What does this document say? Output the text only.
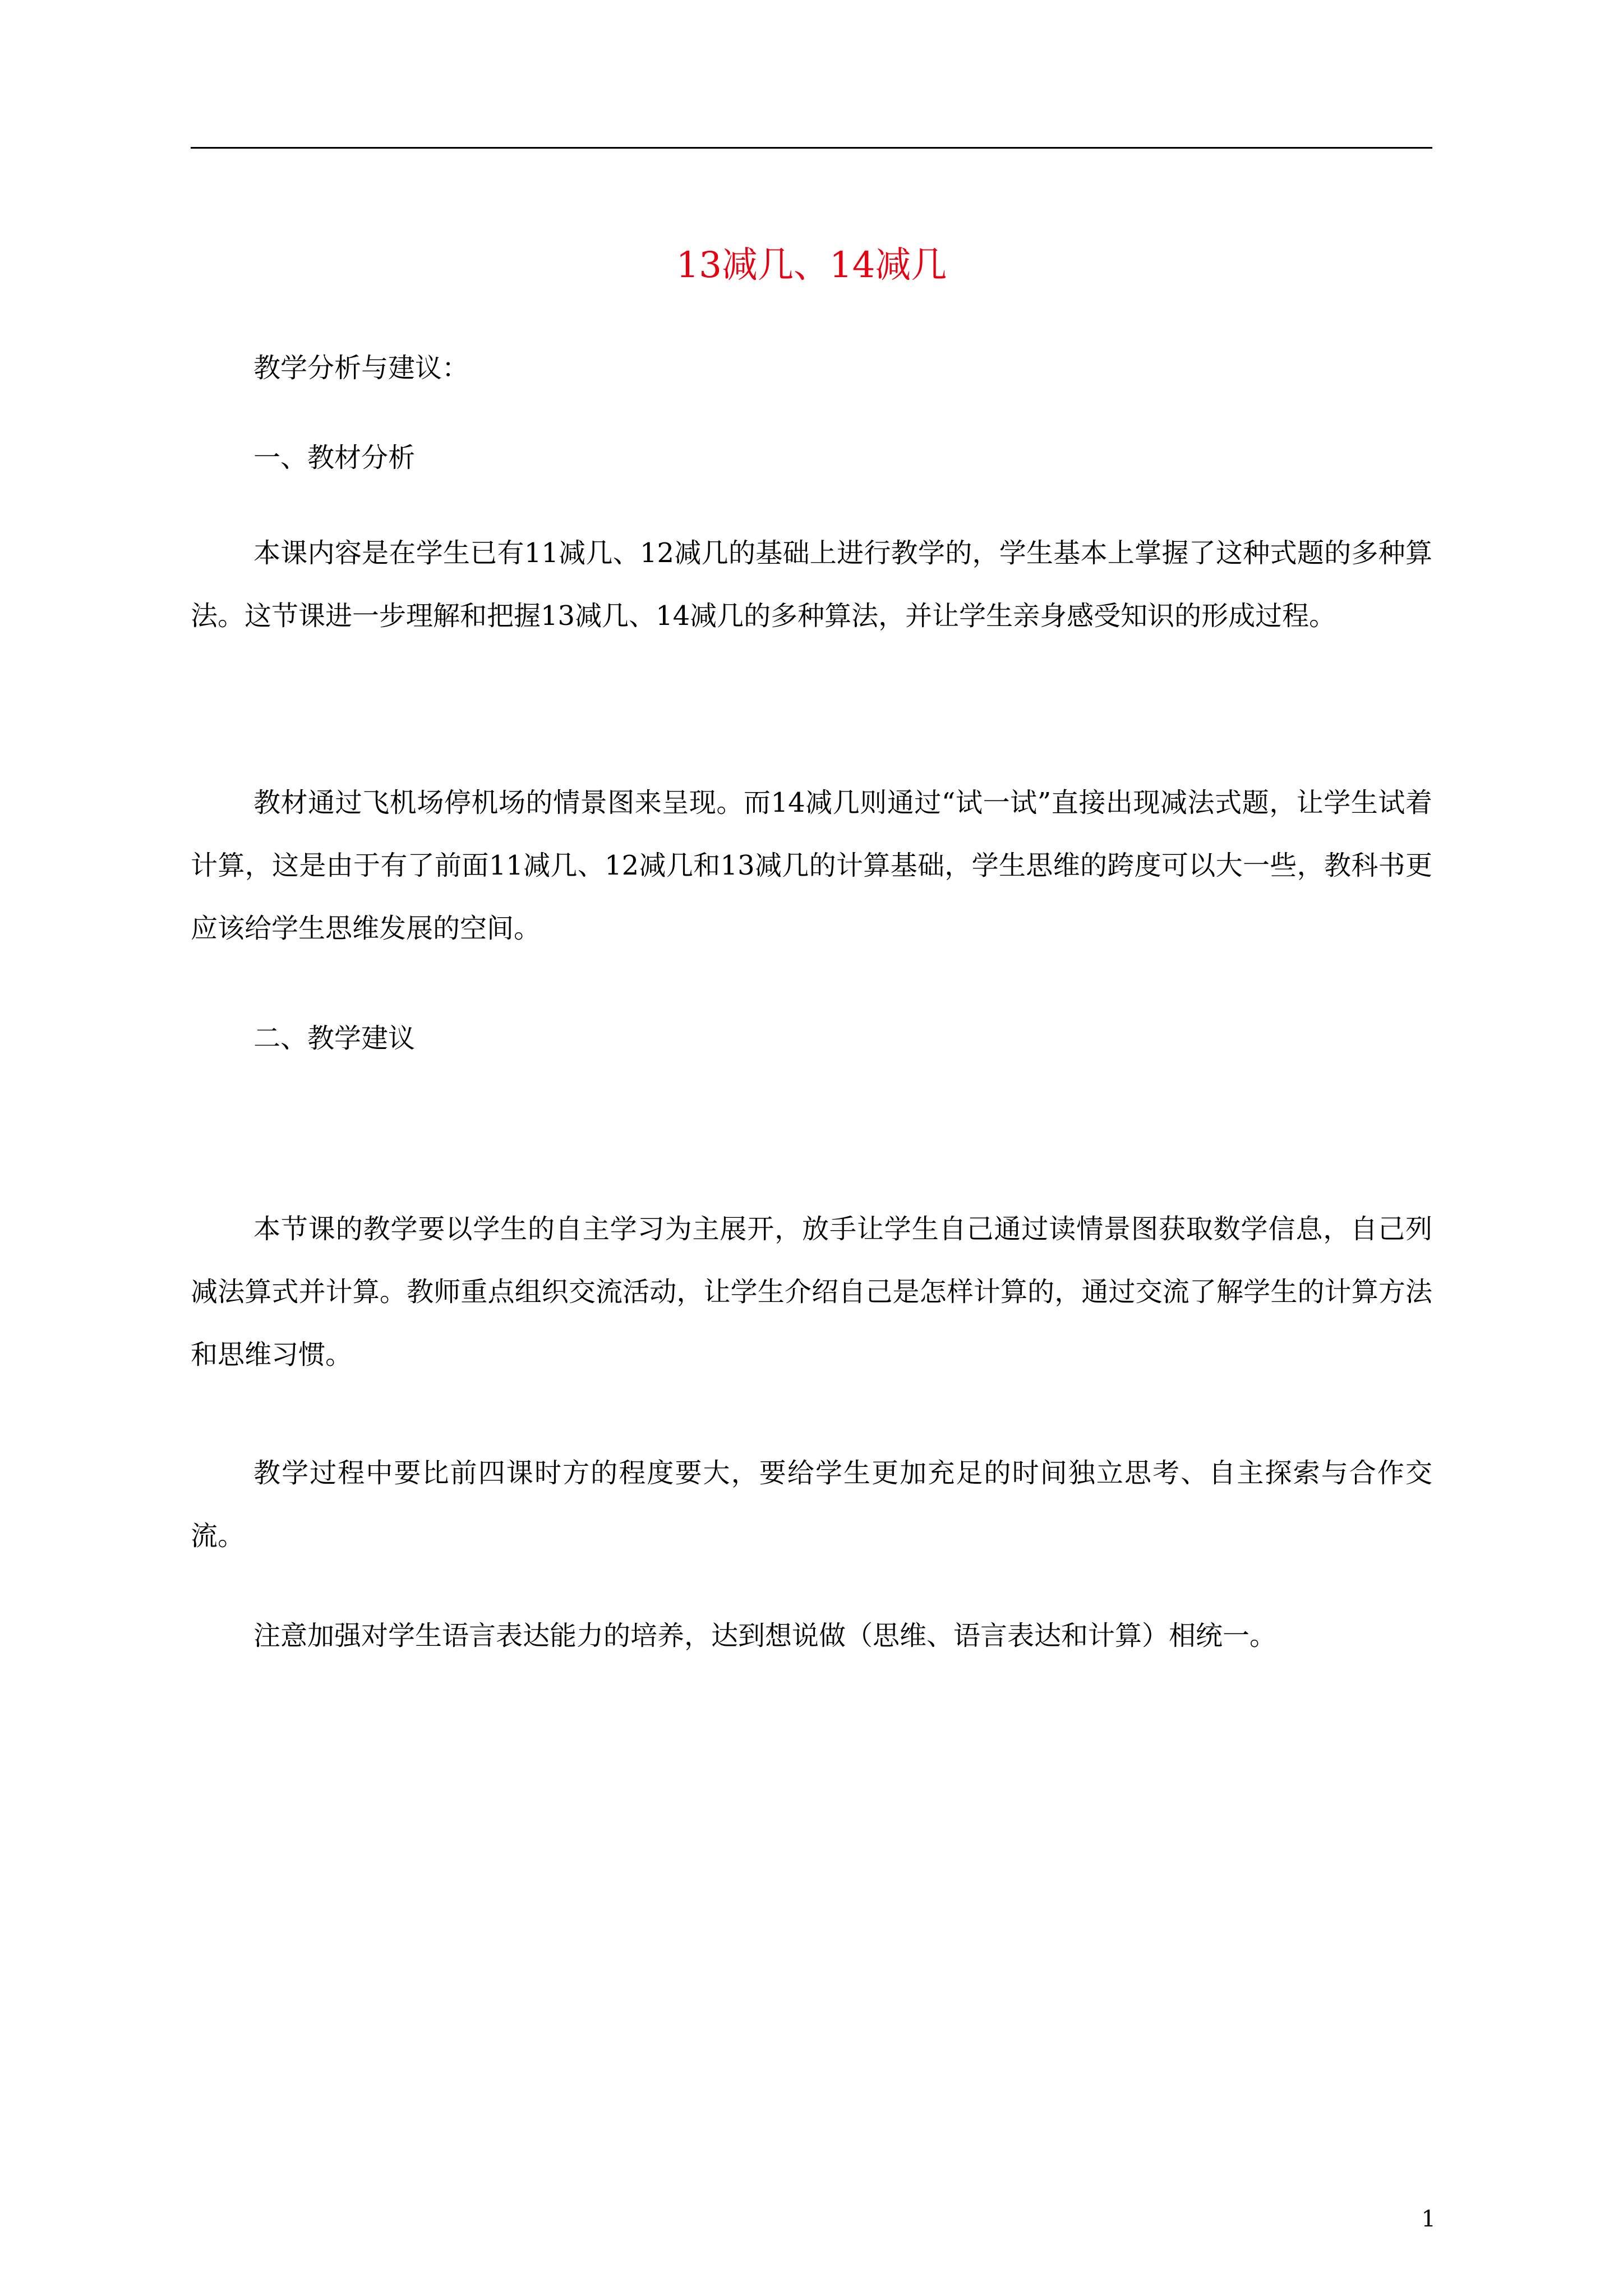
13减几、14减几

教学分析与建议：

一、教材分析

本课内容是在学生已有11减几、12减几的基础上进行教学的，学生基本上掌握了这种式题的多种算法。这节课进一步理解和把握13减几、14减几的多种算法，并让学生亲身感受知识的形成过程。

教材通过飞机场停机场的情景图来呈现。而14减几则通过“试一试”直接出现减法式题，让学生试着计算，这是由于有了前面11减几、12减几和13减几的计算基础，学生思维的跨度可以大一些，教科书更应该给学生思维发展的空间。

二、教学建议

本节课的教学要以学生的自主学习为主展开，放手让学生自己通过读情景图获取数学信息，自己列减法算式并计算。教师重点组织交流活动，让学生介绍自己是怎样计算的，通过交流了解学生的计算方法和思维习惯。

教学过程中要比前四课时方的程度要大，要给学生更加充足的时间独立思考、自主探索与合作交流。

注意加强对学生语言表达能力的培养，达到想说做（思维、语言表达和计算）相统一。

1
